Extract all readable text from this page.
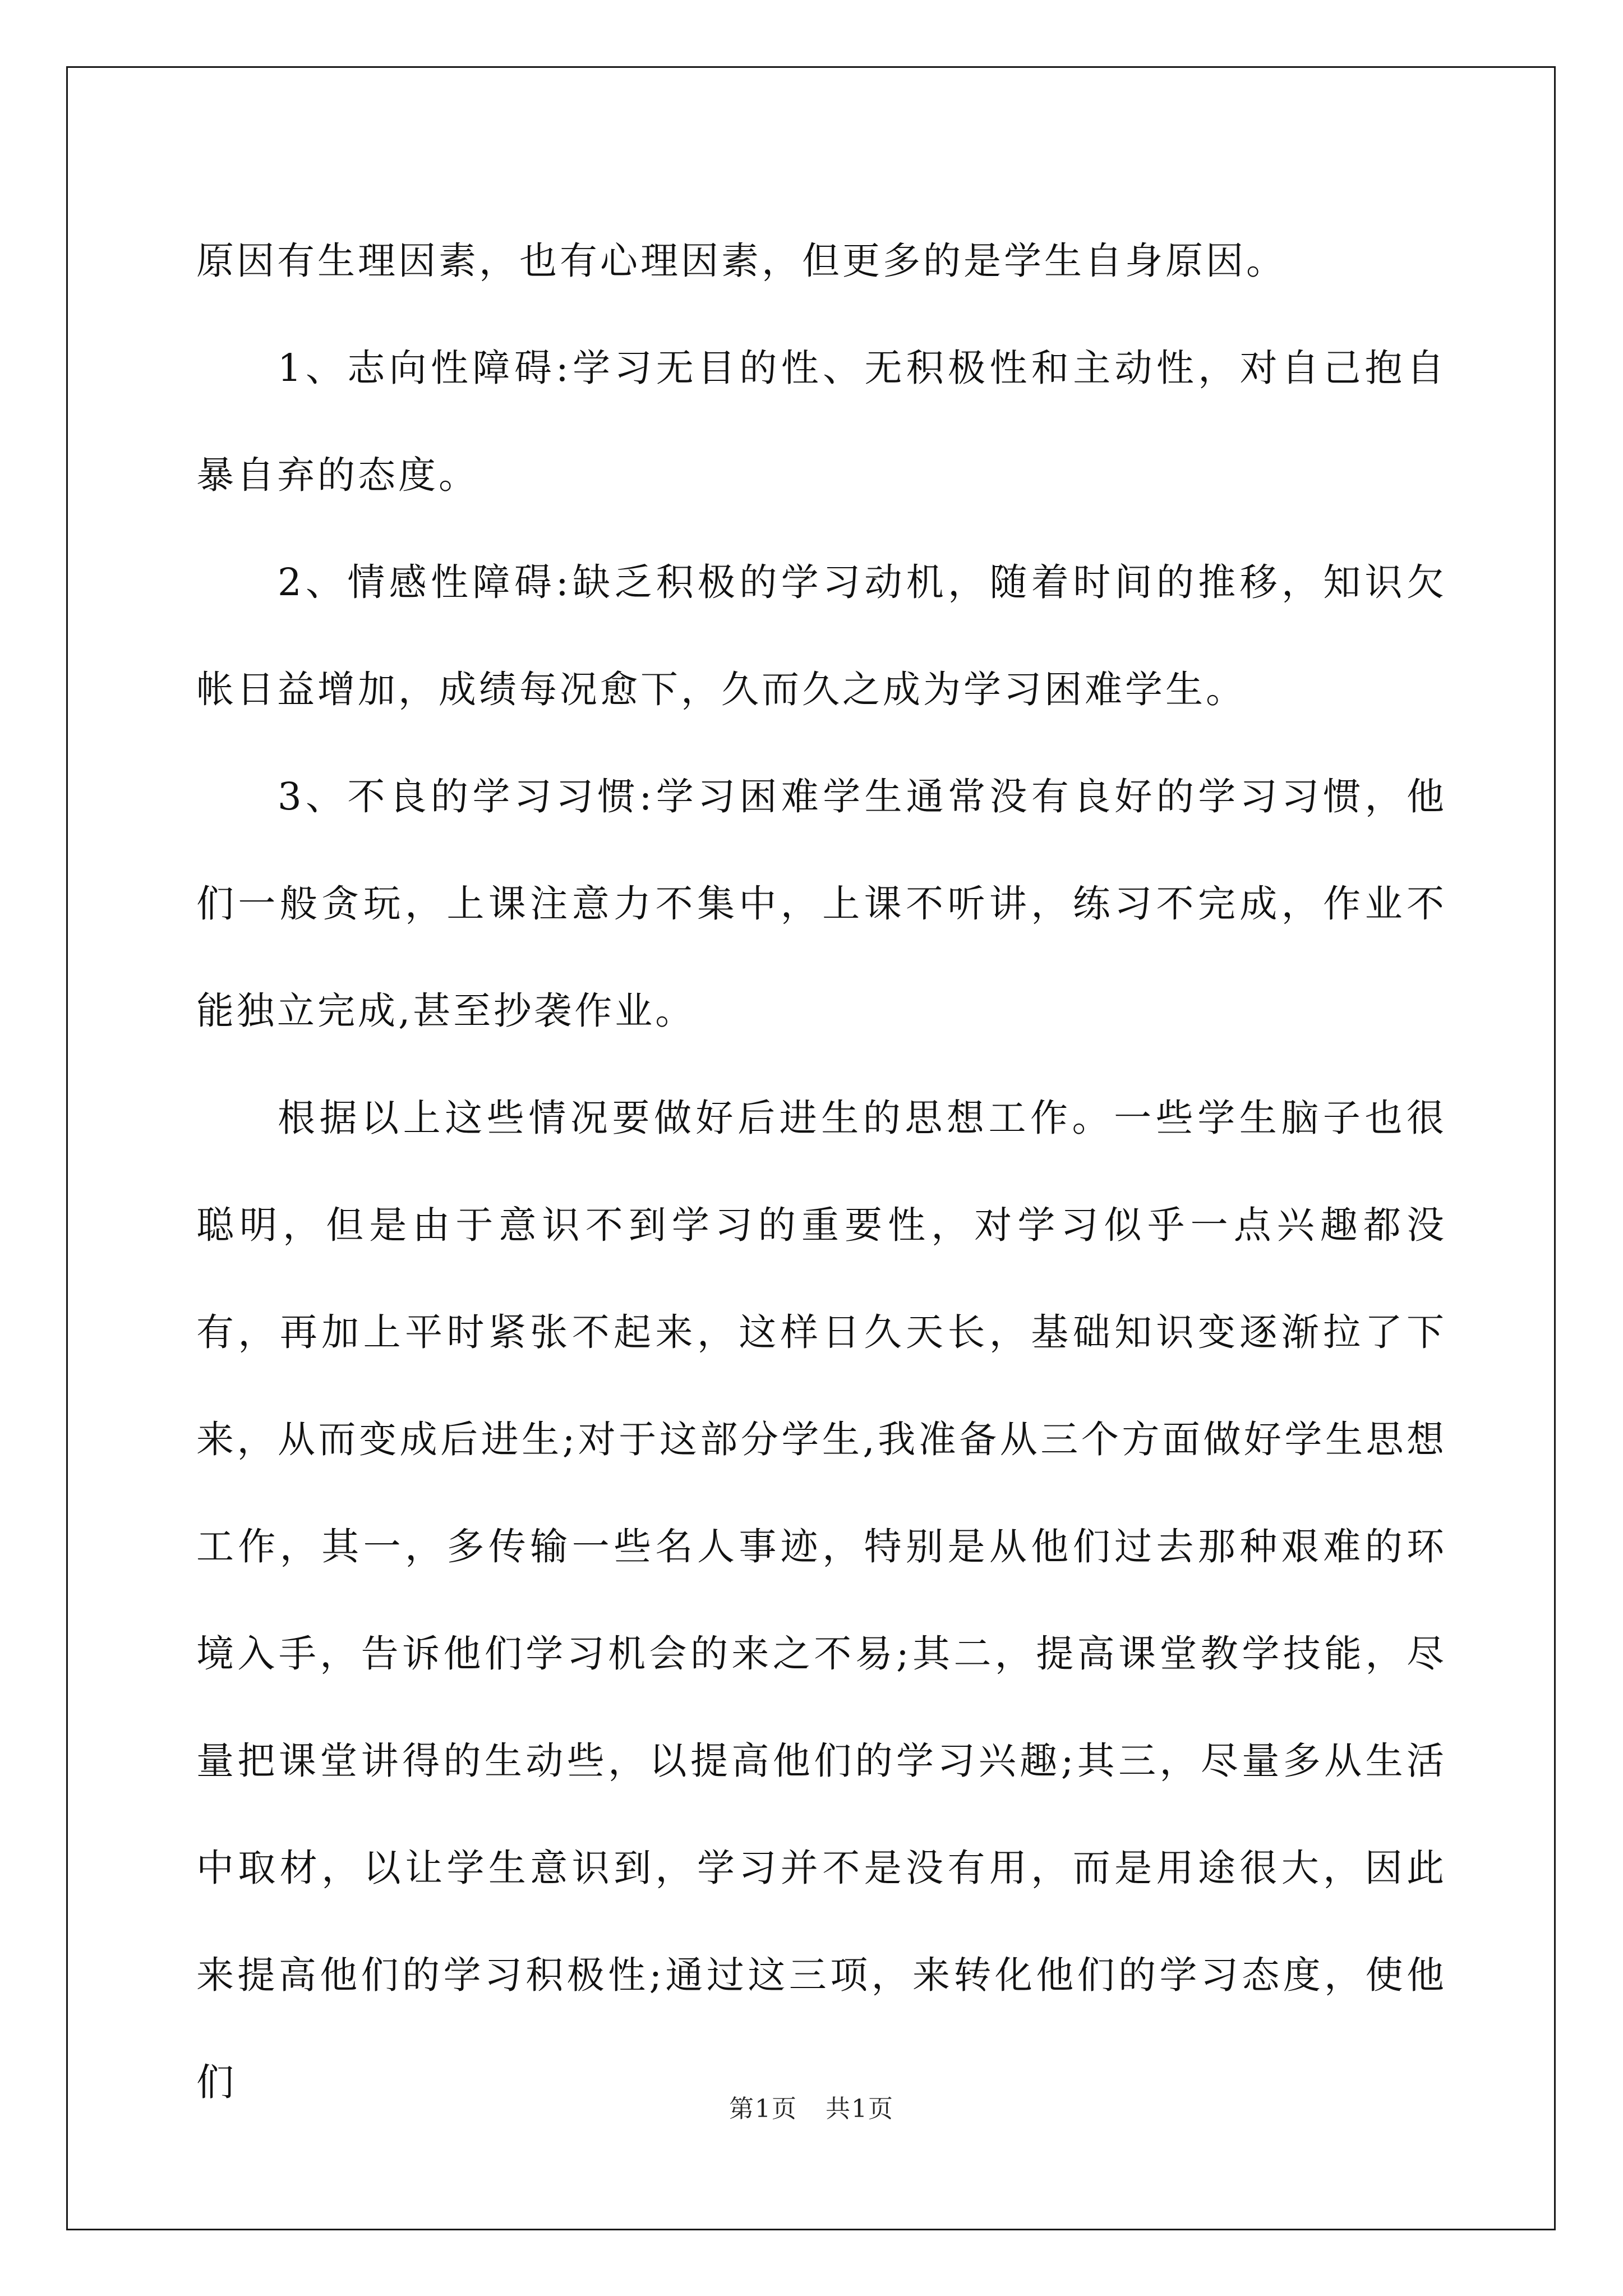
原因有生理因素，也有心理因素，但更多的是学生自身原因。

1、志向性障碍:学习无目的性、无积极性和主动性，对自己抱自暴自弃的态度。

2、情感性障碍:缺乏积极的学习动机，随着时间的推移，知识欠帐日益增加，成绩每况愈下，久而久之成为学习困难学生。

3、不良的学习习惯:学习困难学生通常没有良好的学习习惯，他们一般贪玩，上课注意力不集中，上课不听讲，练习不完成，作业不能独立完成,甚至抄袭作业。

根据以上这些情况要做好后进生的思想工作。一些学生脑子也很聪明，但是由于意识不到学习的重要性，对学习似乎一点兴趣都没有，再加上平时紧张不起来，这样日久天长，基础知识变逐渐拉了下来，从而变成后进生;对于这部分学生,我准备从三个方面做好学生思想工作，其一，多传输一些名人事迹，特别是从他们过去那种艰难的环境入手，告诉他们学习机会的来之不易;其二，提高课堂教学技能，尽量把课堂讲得的生动些，以提高他们的学习兴趣;其三，尽量多从生活中取材，以让学生意识到，学习并不是没有用，而是用途很大，因此来提高他们的学习积极性;通过这三项，来转化他们的学习态度，使他们

第1页 共1页
